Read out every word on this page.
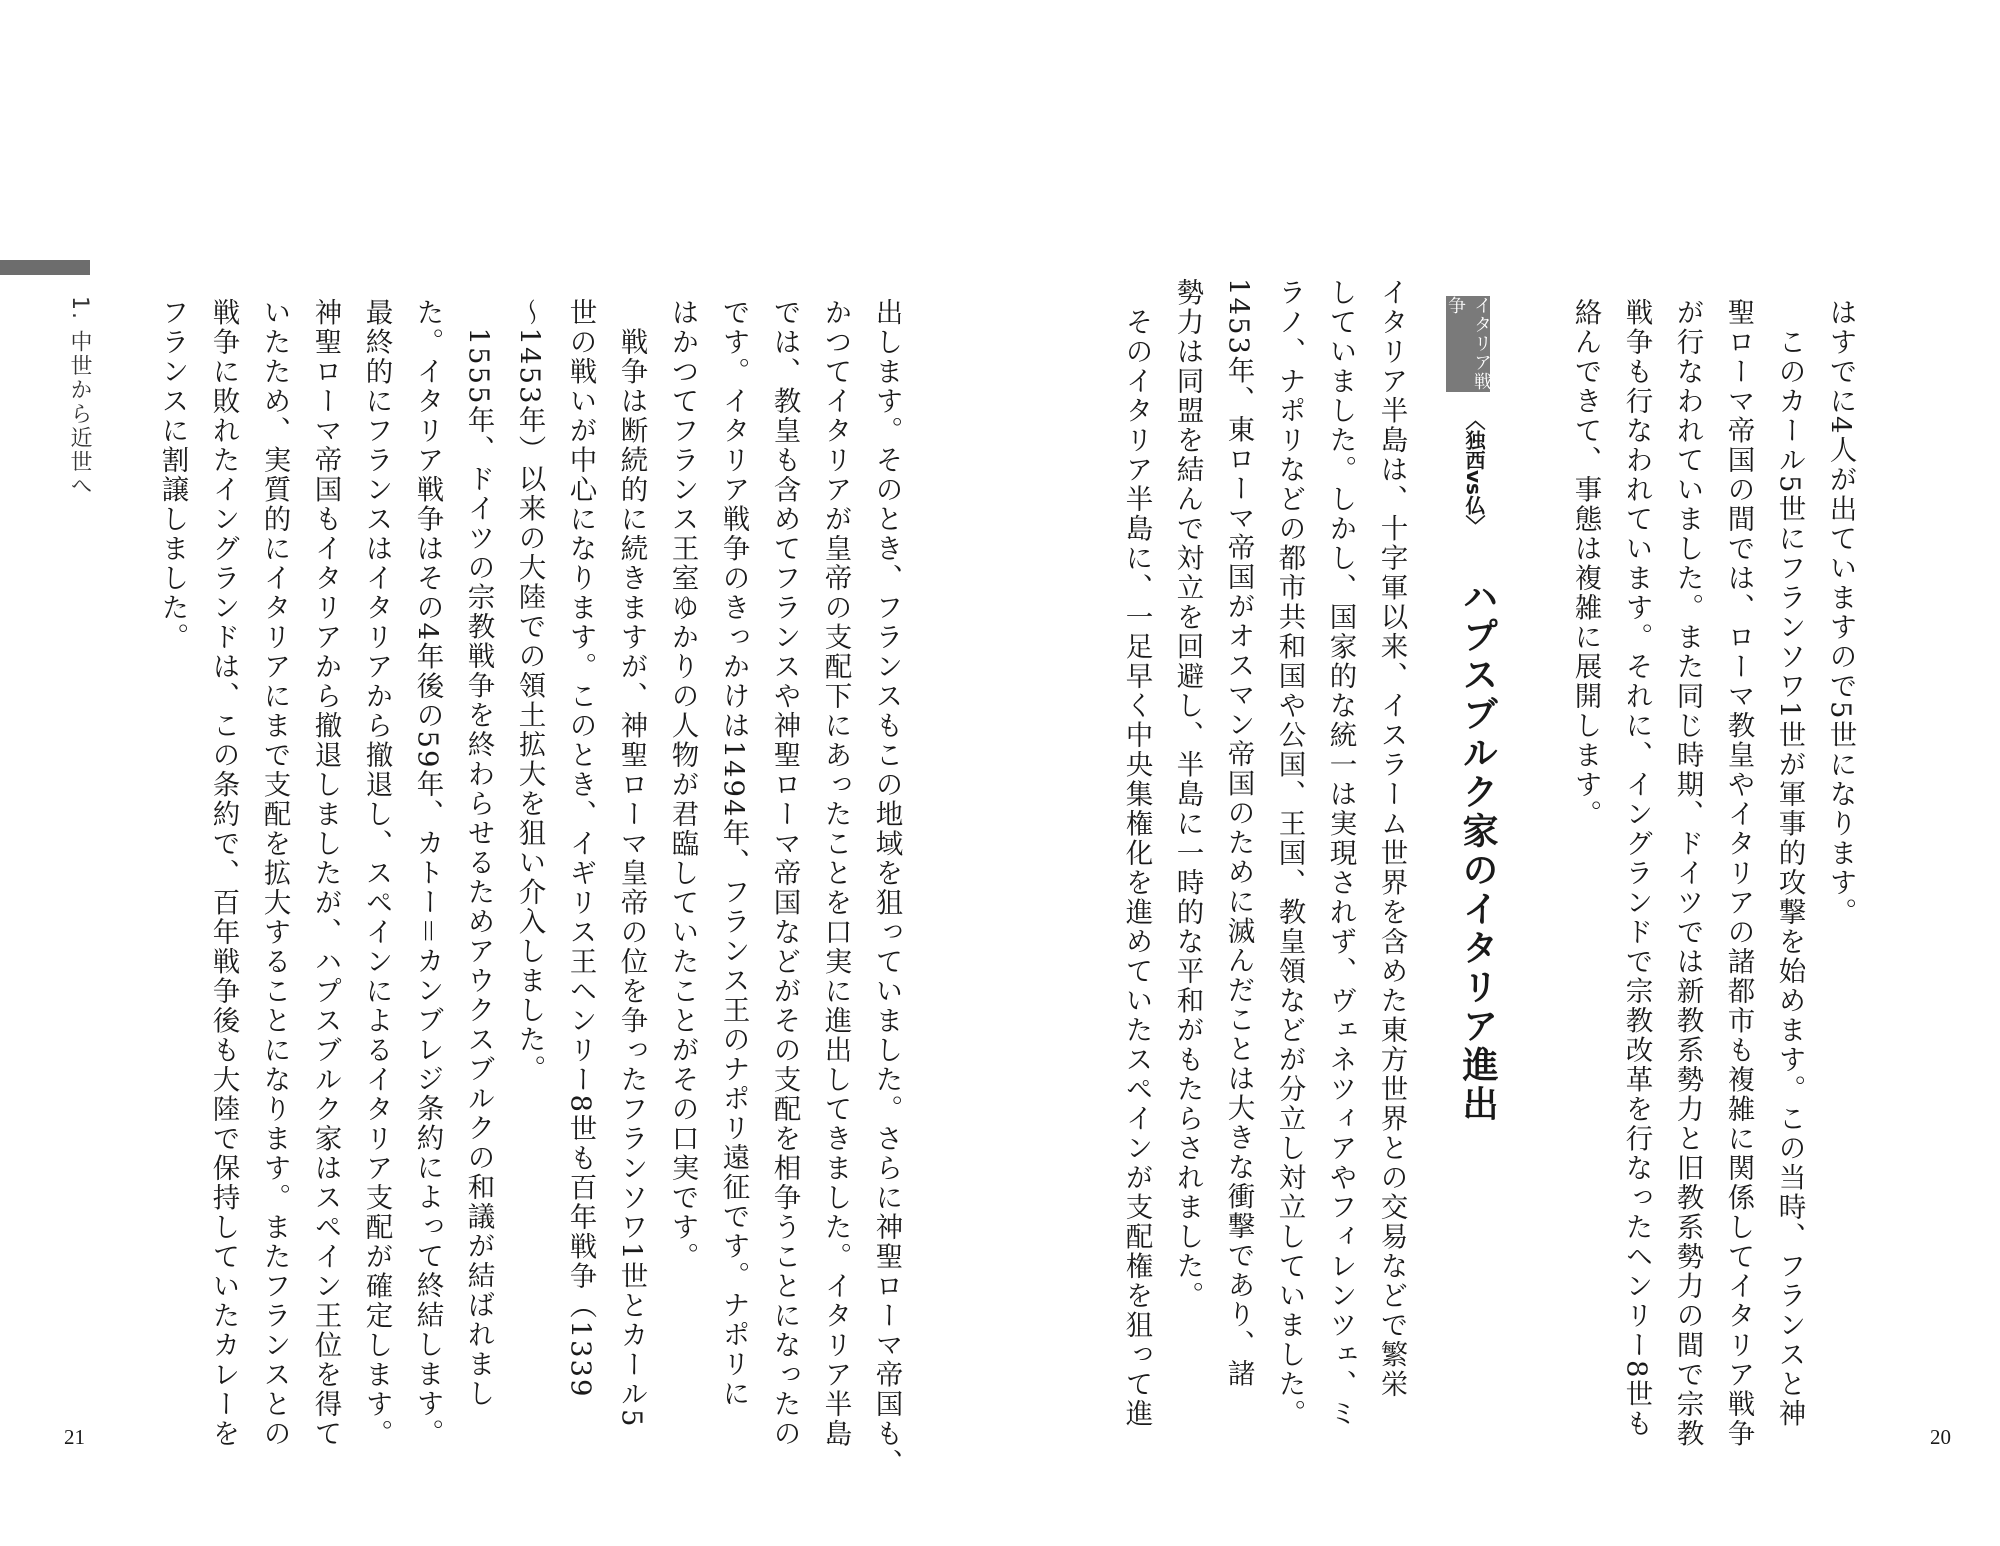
1. 中世から近世へ	出します。そのとき、フランスもこの地域を狙っていました。さらに神聖ローマ帝国も、
かつてイタリアが皇帝の支配下にあったことを口実に進出してきました。イタリア半島
では、教皇も含めてフランスや神聖ローマ帝国などがその支配を相争うことになったの
です。イタリア戦争のきっかけは1494年、フランス王のナポリ遠征です。ナポリに
はかつてフランス王室ゆかりの人物が君臨していたことがその口実です。
　戦争は断続的に続きますが、神聖ローマ皇帝の位を争ったフランソワ1世とカール5
世の戦いが中心になります。このとき、イギリス王ヘンリー8世も百年戦争（1339
〜1453年）以来の大陸での領土拡大を狙い介入しました。
　1555年、ドイツの宗教戦争を終わらせるためアウクスブルクの和議が結ばれまし
た。イタリア戦争はその4年後の59年、カトー＝カンブレジ条約によって終結します。
最終的にフランスはイタリアから撤退し、スペインによるイタリア支配が確定します。
神聖ローマ帝国もイタリアから撤退しましたが、ハプスブルク家はスペイン王位を得て
いたため、実質的にイタリアにまで支配を拡大することになります。またフランスとの
戦争に敗れたイングランドは、この条約で、百年戦争後も大陸で保持していたカレーを
フランスに割譲しました。
21
はすでに4人が出ていますので5世になります。
　このカール5世にフランソワ1世が軍事的攻撃を始めます。この当時、フランスと神
聖ローマ帝国の間では、ローマ教皇やイタリアの諸都市も複雑に関係してイタリア戦争
が行なわれていました。また同じ時期、ドイツでは新教系勢力と旧教系勢力の間で宗教
戦争も行なわれています。それに、イングランドで宗教改革を行なったヘンリー8世も
絡んできて、事態は複雑に展開します。
イタリア半島は、十字軍以来、イスラーム世界を含めた東方世界との交易などで繁栄
していました。しかし、国家的な統一は実現されず、ヴェネツィアやフィレンツェ、ミ
ラノ、ナポリなどの都市共和国や公国、王国、教皇領などが分立し対立していました。
1453年、東ローマ帝国がオスマン帝国のために滅んだことは大きな衝撃であり、諸
勢力は同盟を結んで対立を回避し、半島に一時的な平和がもたらされました。
　そのイタリア半島に、一足早く中央集権化を進めていたスペインが支配権を狙って進
20
イタリア戦争
〈独西vs仏〉
ハプスブルク家のイタリア進出
